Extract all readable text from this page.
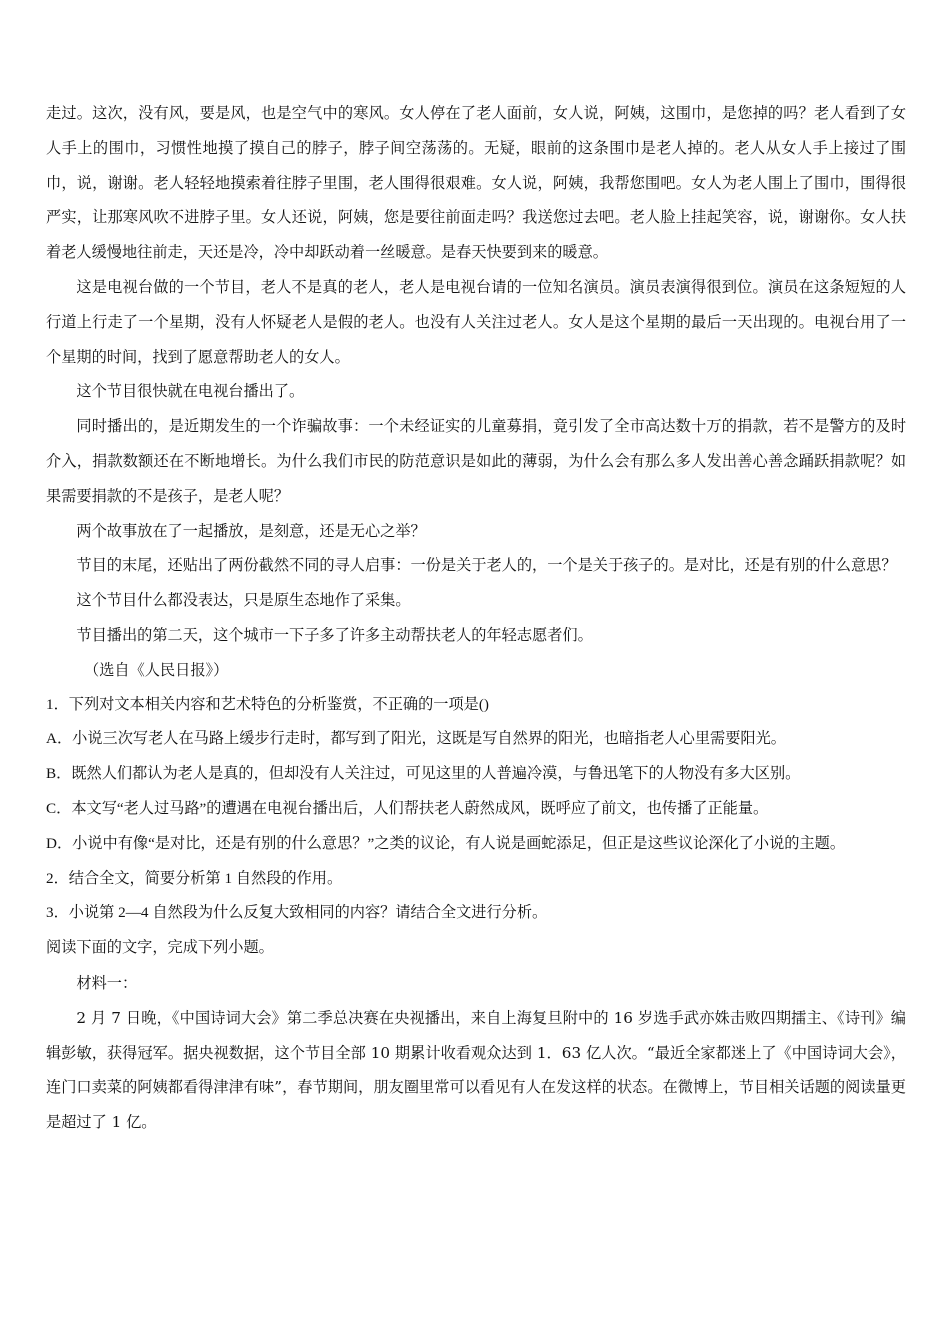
走过。这次，没有风，要是风，也是空气中的寒风。女人停在了老人面前，女人说，阿姨，这围巾，是您掉的吗？老人看到了女人手上的围巾，习惯性地摸了摸自己的脖子，脖子间空荡荡的。无疑，眼前的这条围巾是老人掉的。老人从女人手上接过了围巾，说，谢谢。老人轻轻地摸索着往脖子里围，老人围得很艰难。女人说，阿姨，我帮您围吧。女人为老人围上了围巾，围得很严实，让那寒风吹不进脖子里。女人还说，阿姨，您是要往前面走吗？我送您过去吧。老人脸上挂起笑容，说，谢谢你。女人扶着老人缓慢地往前走，天还是冷，冷中却跃动着一丝暖意。是春天快要到来的暖意。

这是电视台做的一个节目，老人不是真的老人，老人是电视台请的一位知名演员。演员表演得很到位。演员在这条短短的人行道上行走了一个星期，没有人怀疑老人是假的老人。也没有人关注过老人。女人是这个星期的最后一天出现的。电视台用了一个星期的时间，找到了愿意帮助老人的女人。

这个节目很快就在电视台播出了。

同时播出的，是近期发生的一个诈骗故事：一个未经证实的儿童募捐，竟引发了全市高达数十万的捐款，若不是警方的及时介入，捐款数额还在不断地增长。为什么我们市民的防范意识是如此的薄弱，为什么会有那么多人发出善心善念踊跃捐款呢？如果需要捐款的不是孩子，是老人呢？

两个故事放在了一起播放，是刻意，还是无心之举？

节目的末尾，还贴出了两份截然不同的寻人启事：一份是关于老人的，一个是关于孩子的。是对比，还是有别的什么意思？

这个节目什么都没表达，只是原生态地作了采集。

节目播出的第二天，这个城市一下子多了许多主动帮扶老人的年轻志愿者们。

（选自《人民日报》）

1．下列对文本相关内容和艺术特色的分析鉴赏，不正确的一项是()

A．小说三次写老人在马路上缓步行走时，都写到了阳光，这既是写自然界的阳光，也暗指老人心里需要阳光。

B．既然人们都认为老人是真的，但却没有人关注过，可见这里的人普遍冷漠，与鲁迅笔下的人物没有多大区别。

C．本文写“老人过马路”的遭遇在电视台播出后，人们帮扶老人蔚然成风，既呼应了前文，也传播了正能量。

D．小说中有像“是对比，还是有别的什么意思？”之类的议论，有人说是画蛇添足，但正是这些议论深化了小说的主题。

2．结合全文，简要分析第 1 自然段的作用。

3．小说第 2—4 自然段为什么反复大致相同的内容？请结合全文进行分析。

阅读下面的文字，完成下列小题。

材料一：

2 月 7 日晚，《中国诗词大会》第二季总决赛在央视播出，来自上海复旦附中的 16 岁选手武亦姝击败四期擂主、《诗刊》编辑彭敏，获得冠军。据央视数据，这个节目全部 10 期累计收看观众达到 1．63 亿人次。“最近全家都迷上了《中国诗词大会》，连门口卖菜的阿姨都看得津津有味”，春节期间，朋友圈里常可以看见有人在发这样的状态。在微博上，节目相关话题的阅读量更是超过了 1 亿。
